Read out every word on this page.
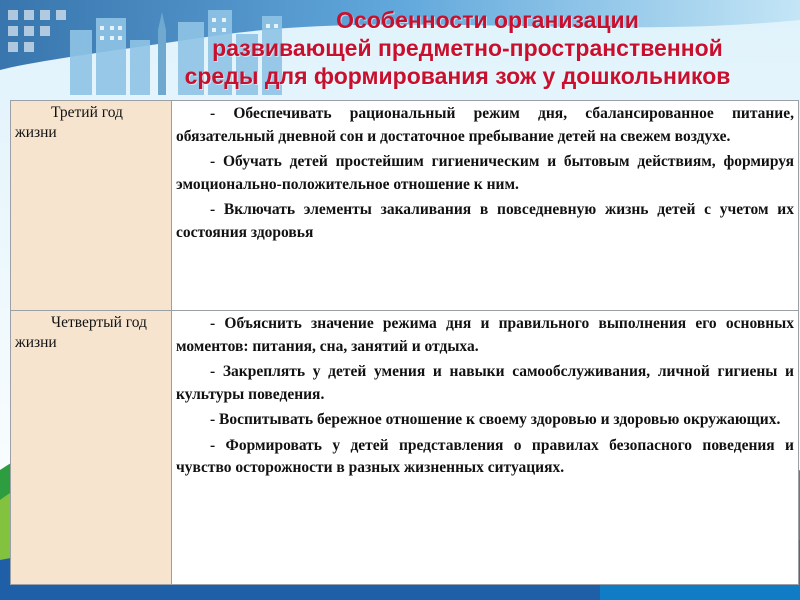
Особенности организации
развивающей предметно-пространственной
среды для формирования зож у дошкольников
Третий год жизни	- Обеспечивать рациональный режим дня, сбалансированное питание, обязательный дневной сон и достаточное пребывание детей на свежем воздухе.

- Обучать детей простейшим гигиеническим и бытовым действиям, формируя эмоционально-положительное отношение к ним.

- Включать элементы закаливания в повседневную жизнь детей с учетом их состояния здоровья

Четвертый год жизни	- Объяснить значение режима дня и правильного выполнения его основных моментов: питания, сна, занятий и отдыха.

- Закреплять у детей умения и навыки самообслуживания, личной гигиены и культуры поведения.

- Воспитывать бережное отношение к своему здоровью и здоровью окружающих.

- Формировать у детей представления о правилах безопасного поведения и чувство осторожности в разных жизненных ситуациях.
